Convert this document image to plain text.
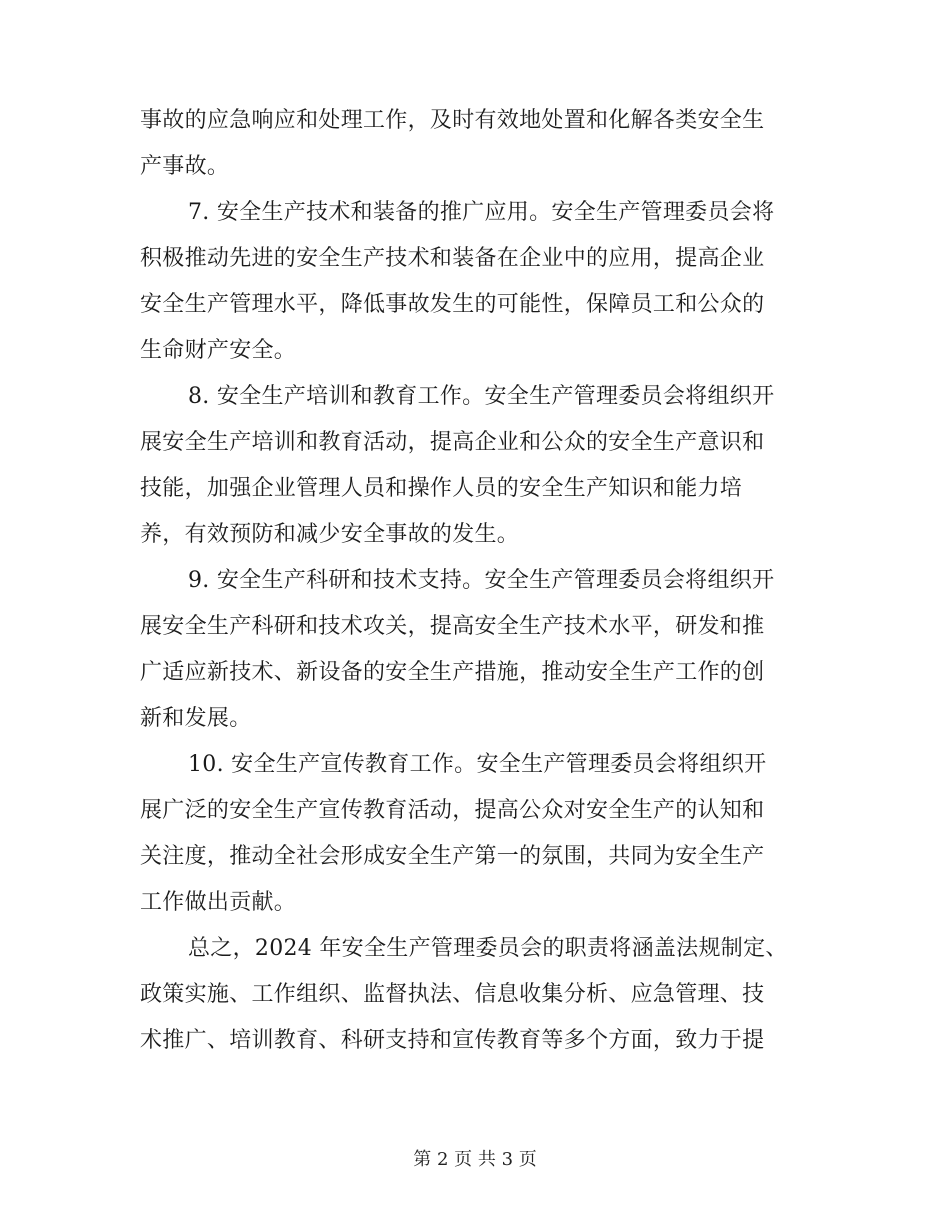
事故的应急响应和处理工作，及时有效地处置和化解各类安全生
产事故。
7. 安全生产技术和装备的推广应用。安全生产管理委员会将
积极推动先进的安全生产技术和装备在企业中的应用，提高企业
安全生产管理水平，降低事故发生的可能性，保障员工和公众的
生命财产安全。
8. 安全生产培训和教育工作。安全生产管理委员会将组织开
展安全生产培训和教育活动，提高企业和公众的安全生产意识和
技能，加强企业管理人员和操作人员的安全生产知识和能力培
养，有效预防和减少安全事故的发生。
9. 安全生产科研和技术支持。安全生产管理委员会将组织开
展安全生产科研和技术攻关，提高安全生产技术水平，研发和推
广适应新技术、新设备的安全生产措施，推动安全生产工作的创
新和发展。
10. 安全生产宣传教育工作。安全生产管理委员会将组织开
展广泛的安全生产宣传教育活动，提高公众对安全生产的认知和
关注度，推动全社会形成安全生产第一的氛围，共同为安全生产
工作做出贡献。
总之，2024 年安全生产管理委员会的职责将涵盖法规制定、
政策实施、工作组织、监督执法、信息收集分析、应急管理、技
术推广、培训教育、科研支持和宣传教育等多个方面，致力于提
第 2 页 共 3 页
